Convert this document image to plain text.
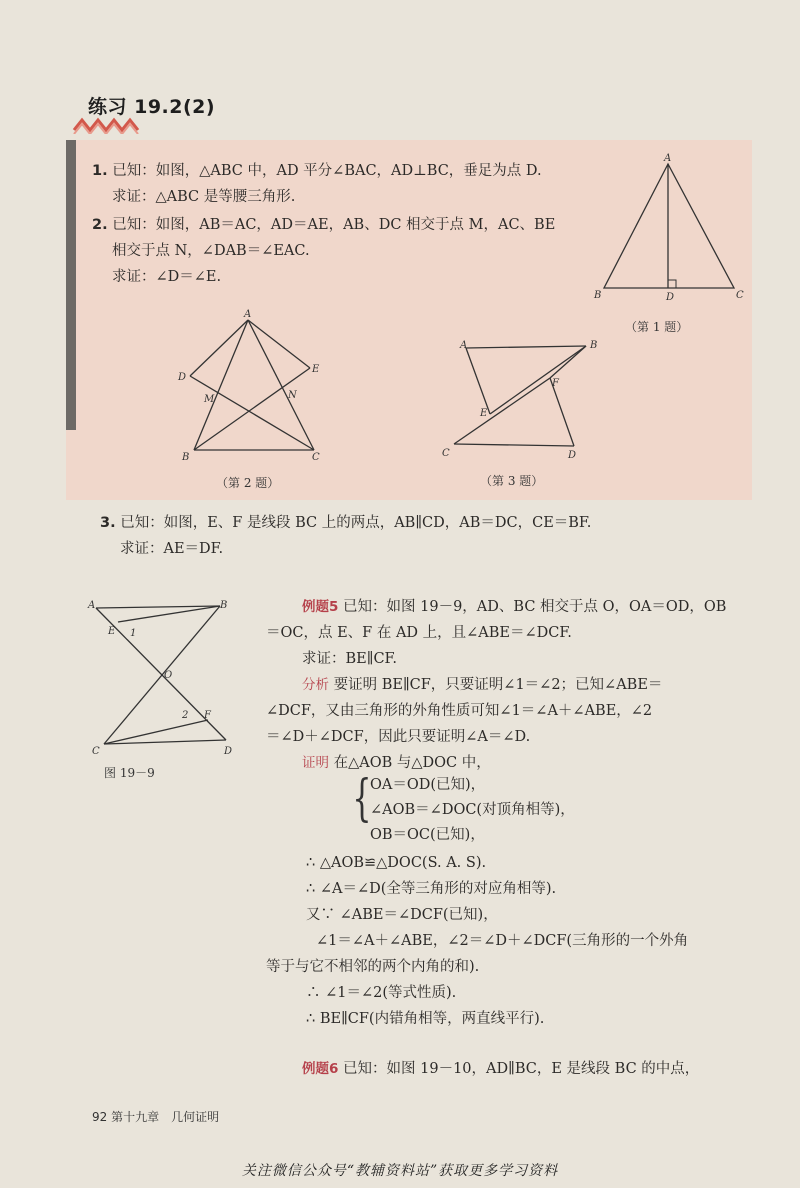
练习 19.2(2)
1. 已知：如图，△ABC 中，AD 平分∠BAC，AD⊥BC，垂足为点 D.
求证：△ABC 是等腰三角形.
2. 已知：如图，AB＝AC，AD＝AE，AB、DC 相交于点 M，AC、BE
相交于点 N，∠DAB＝∠EAC.
求证：∠D＝∠E.
A
B	D	C
（第 1 题）
A
D
E
M	N
B	C
（第 2 题）
A	B
F
E
C	D
（第 3 题）
3. 已知：如图，E、F 是线段 BC 上的两点，AB∥CD，AB＝DC，CE＝BF.
求证：AE＝DF.
A	B
E 1
O
2 F
C	D
图 19－9
例题5 已知：如图 19－9，AD、BC 相交于点 O，OA＝OD，OB
＝OC，点 E、F 在 AD 上，且∠ABE＝∠DCF.
求证：BE∥CF.
分析 要证明 BE∥CF，只要证明∠1＝∠2；已知∠ABE＝
∠DCF，又由三角形的外角性质可知∠1＝∠A＋∠ABE，∠2
＝∠D＋∠DCF，因此只要证明∠A＝∠D.
证明 在△AOB 与△DOC 中，
{
OA＝OD(已知)，
∠AOB＝∠DOC(对顶角相等)，
OB＝OC(已知)，
∴ △AOB≌△DOC(S. A. S).
∴ ∠A＝∠D(全等三角形的对应角相等).
又∵ ∠ABE＝∠DCF(已知)，
∠1＝∠A＋∠ABE，∠2＝∠D＋∠DCF(三角形的一个外角
等于与它不相邻的两个内角的和).
∴ ∠1＝∠2(等式性质).
∴ BE∥CF(内错角相等，两直线平行).
例题6 已知：如图 19－10，AD∥BC，E 是线段 BC 的中点，
92 第十九章　几何证明
关注微信公众号“教辅资料站”获取更多学习资料
